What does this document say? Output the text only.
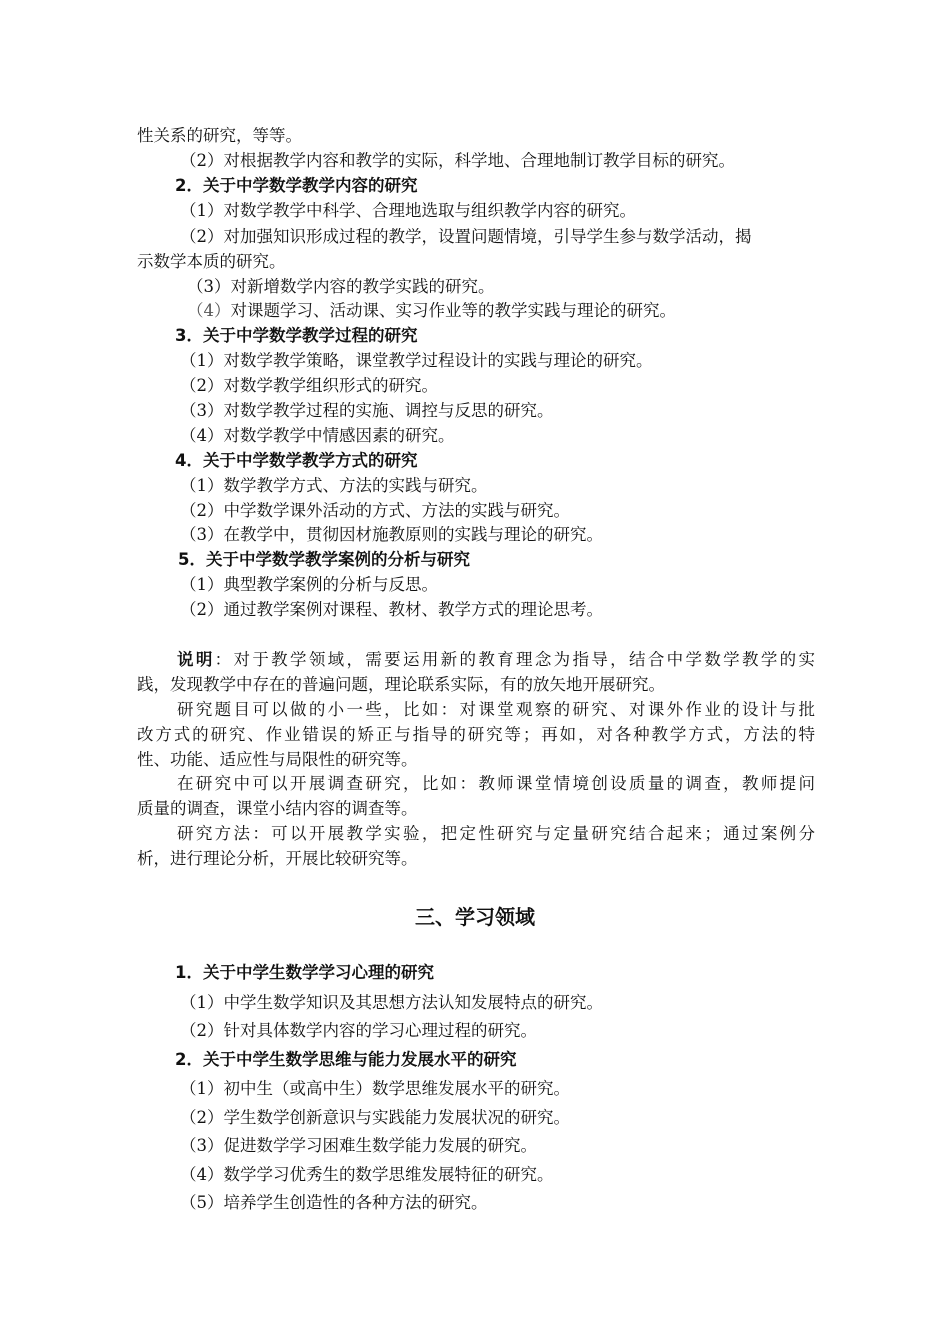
性关系的研究，等等。
（2）对根据教学内容和教学的实际，科学地、合理地制订教学目标的研究。
2．关于中学数学教学内容的研究
（1）对数学教学中科学、合理地选取与组织教学内容的研究。
（2）对加强知识形成过程的教学，设置问题情境，引导学生参与数学活动，揭
示数学本质的研究。
（3）对新增数学内容的教学实践的研究。
（4）对课题学习、活动课、实习作业等的教学实践与理论的研究。
3．关于中学数学教学过程的研究
（1）对数学教学策略，课堂教学过程设计的实践与理论的研究。
（2）对数学教学组织形式的研究。
（3）对数学教学过程的实施、调控与反思的研究。
（4）对数学教学中情感因素的研究。
4．关于中学数学教学方式的研究
（1）数学教学方式、方法的实践与研究。
（2）中学数学课外活动的方式、方法的实践与研究。
（3）在教学中，贯彻因材施教原则的实践与理论的研究。
5．关于中学数学教学案例的分析与研究
（1）典型教学案例的分析与反思。
（2）通过教学案例对课程、教材、教学方式的理论思考。
说明：对于教学领域，需要运用新的教育理念为指导，结合中学数学教学的实
践，发现教学中存在的普遍问题，理论联系实际，有的放矢地开展研究。
研究题目可以做的小一些，比如：对课堂观察的研究、对课外作业的设计与批
改方式的研究、作业错误的矫正与指导的研究等；再如，对各种教学方式，方法的特
性、功能、适应性与局限性的研究等。
在研究中可以开展调查研究，比如：教师课堂情境创设质量的调查，教师提问
质量的调查，课堂小结内容的调查等。
研究方法：可以开展教学实验，把定性研究与定量研究结合起来；通过案例分
析，进行理论分析，开展比较研究等。
三、学习领域
1．关于中学生数学学习心理的研究
（1）中学生数学知识及其思想方法认知发展特点的研究。
（2）针对具体数学内容的学习心理过程的研究。
2．关于中学生数学思维与能力发展水平的研究
（1）初中生（或高中生）数学思维发展水平的研究。
（2）学生数学创新意识与实践能力发展状况的研究。
（3）促进数学学习困难生数学能力发展的研究。
（4）数学学习优秀生的数学思维发展特征的研究。
（5）培养学生创造性的各种方法的研究。
